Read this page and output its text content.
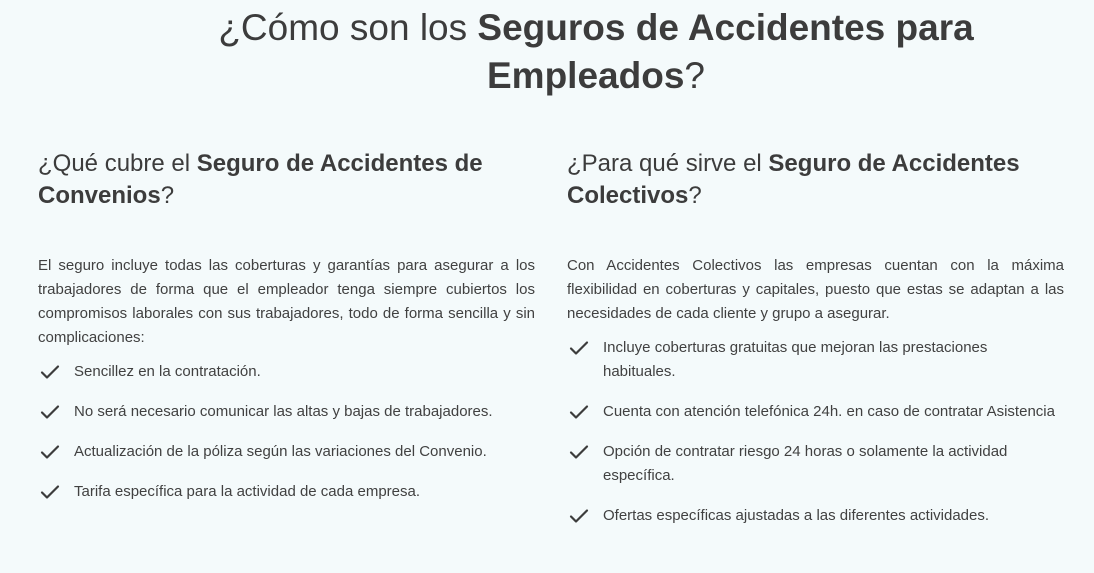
¿Cómo son los Seguros de Accidentes para Empleados?
¿Qué cubre el Seguro de Accidentes de Convenios?

El seguro incluye todas las coberturas y garantías para asegurar a los trabajadores de forma que el empleador tenga siempre cubiertos los compromisos laborales con sus trabajadores, todo de forma sencilla y sin complicaciones:

Sencillez en la contratación.
No será necesario comunicar las altas y bajas de trabajadores.
Actualización de la póliza según las variaciones del Convenio.
Tarifa específica para la actividad de cada empresa.
¿Para qué sirve el Seguro de Accidentes Colectivos?

Con Accidentes Colectivos las empresas cuentan con la máxima flexibilidad en coberturas y capitales, puesto que estas se adaptan a las necesidades de cada cliente y grupo a asegurar.

Incluye coberturas gratuitas que mejoran las prestaciones habituales.
Cuenta con atención telefónica 24h. en caso de contratar Asistencia
Opción de contratar riesgo 24 horas o solamente la actividad específica.
Ofertas específicas ajustadas a las diferentes actividades.
